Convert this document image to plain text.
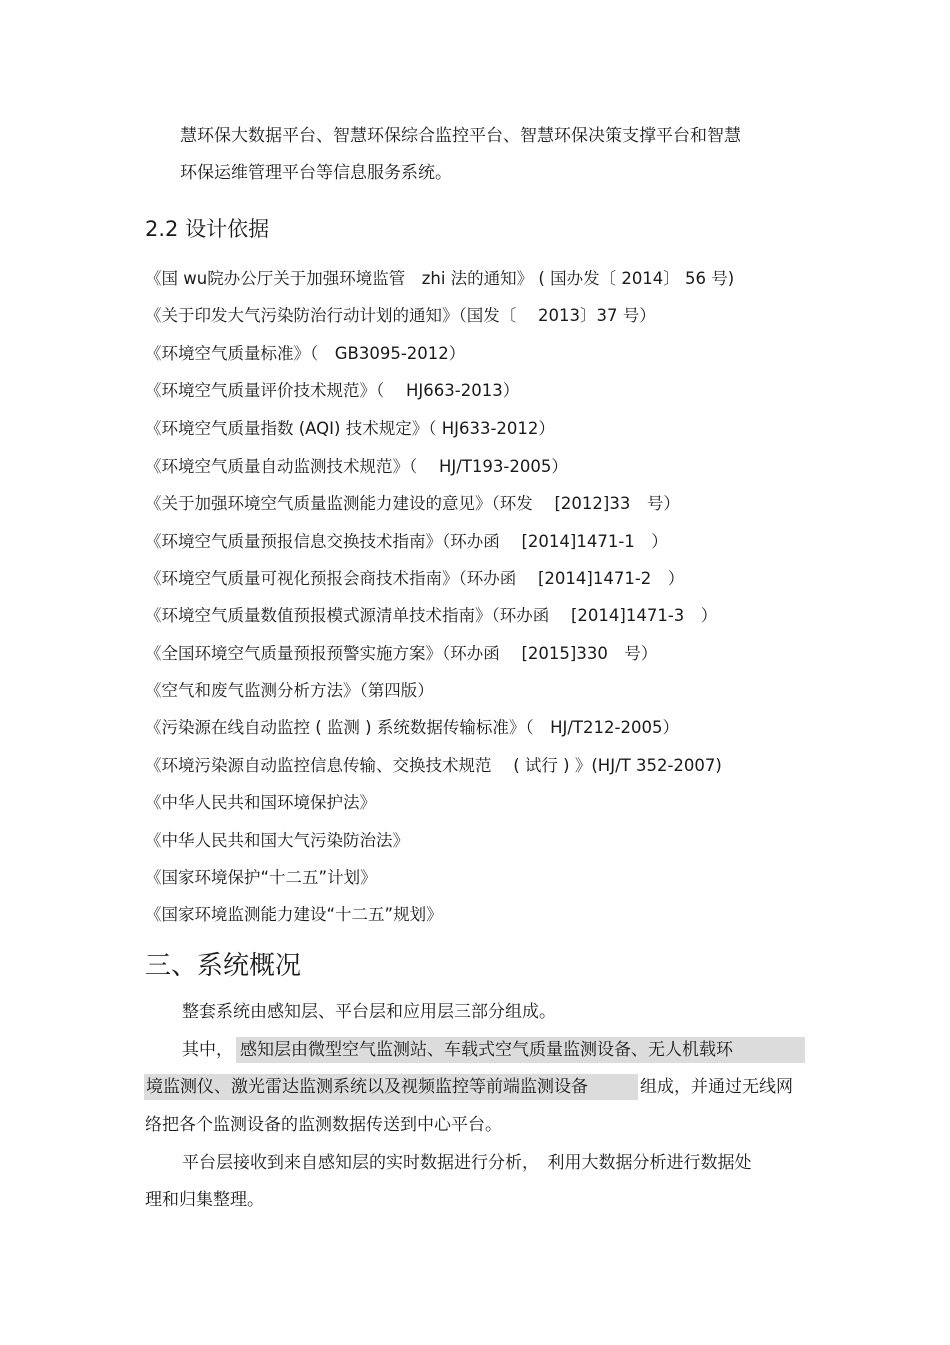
慧环保大数据平台、智慧环保综合监控平台、智慧环保决策支撑平台和智慧
环保运维管理平台等信息服务系统。
2.2 设计依据
《国 wu院办公厅关于加强环境监管　zhi 法的通知》 ( 国办发〔 2014〕 56 号)
《关于印发大气污染防治行动计划的通知》（国发〔　 2013〕37 号）
《环境空气质量标准》（　GB3095-2012）
《环境空气质量评价技术规范》（　 HJ663-2013）
《环境空气质量指数 (AQI) 技术规定》（ HJ633-2012）
《环境空气质量自动监测技术规范》（　 HJ/T193-2005）
《关于加强环境空气质量监测能力建设的意见》（环发　 [2012]33　号）
《环境空气质量预报信息交换技术指南》（环办函　 [2014]1471-1　）
《环境空气质量可视化预报会商技术指南》（环办函　 [2014]1471-2　）
《环境空气质量数值预报模式源清单技术指南》（环办函　 [2014]1471-3　）
《全国环境空气质量预报预警实施方案》（环办函　 [2015]330　号）
《空气和废气监测分析方法》（第四版）
《污染源在线自动监控 ( 监测 ) 系统数据传输标准》（　HJ/T212-2005）
《环境污染源自动监控信息传输、交换技术规范　 ( 试行 ) 》(HJ/T 352-2007)
《中华人民共和国环境保护法》
《中华人民共和国大气污染防治法》
《国家环境保护“十二五”计划》
《国家环境监测能力建设“十二五”规划》
三、系统概况
整套系统由感知层、平台层和应用层三部分组成。
其中， 感知层由微型空气监测站、车载式空气质量监测设备、无人机载环
境监测仪、激光雷达监测系统以及视频监控等前端监测设备	组成，并通过无线网
络把各个监测设备的监测数据传送到中心平台。
平台层接收到来自感知层的实时数据进行分析，　利用大数据分析进行数据处
理和归集整理。
